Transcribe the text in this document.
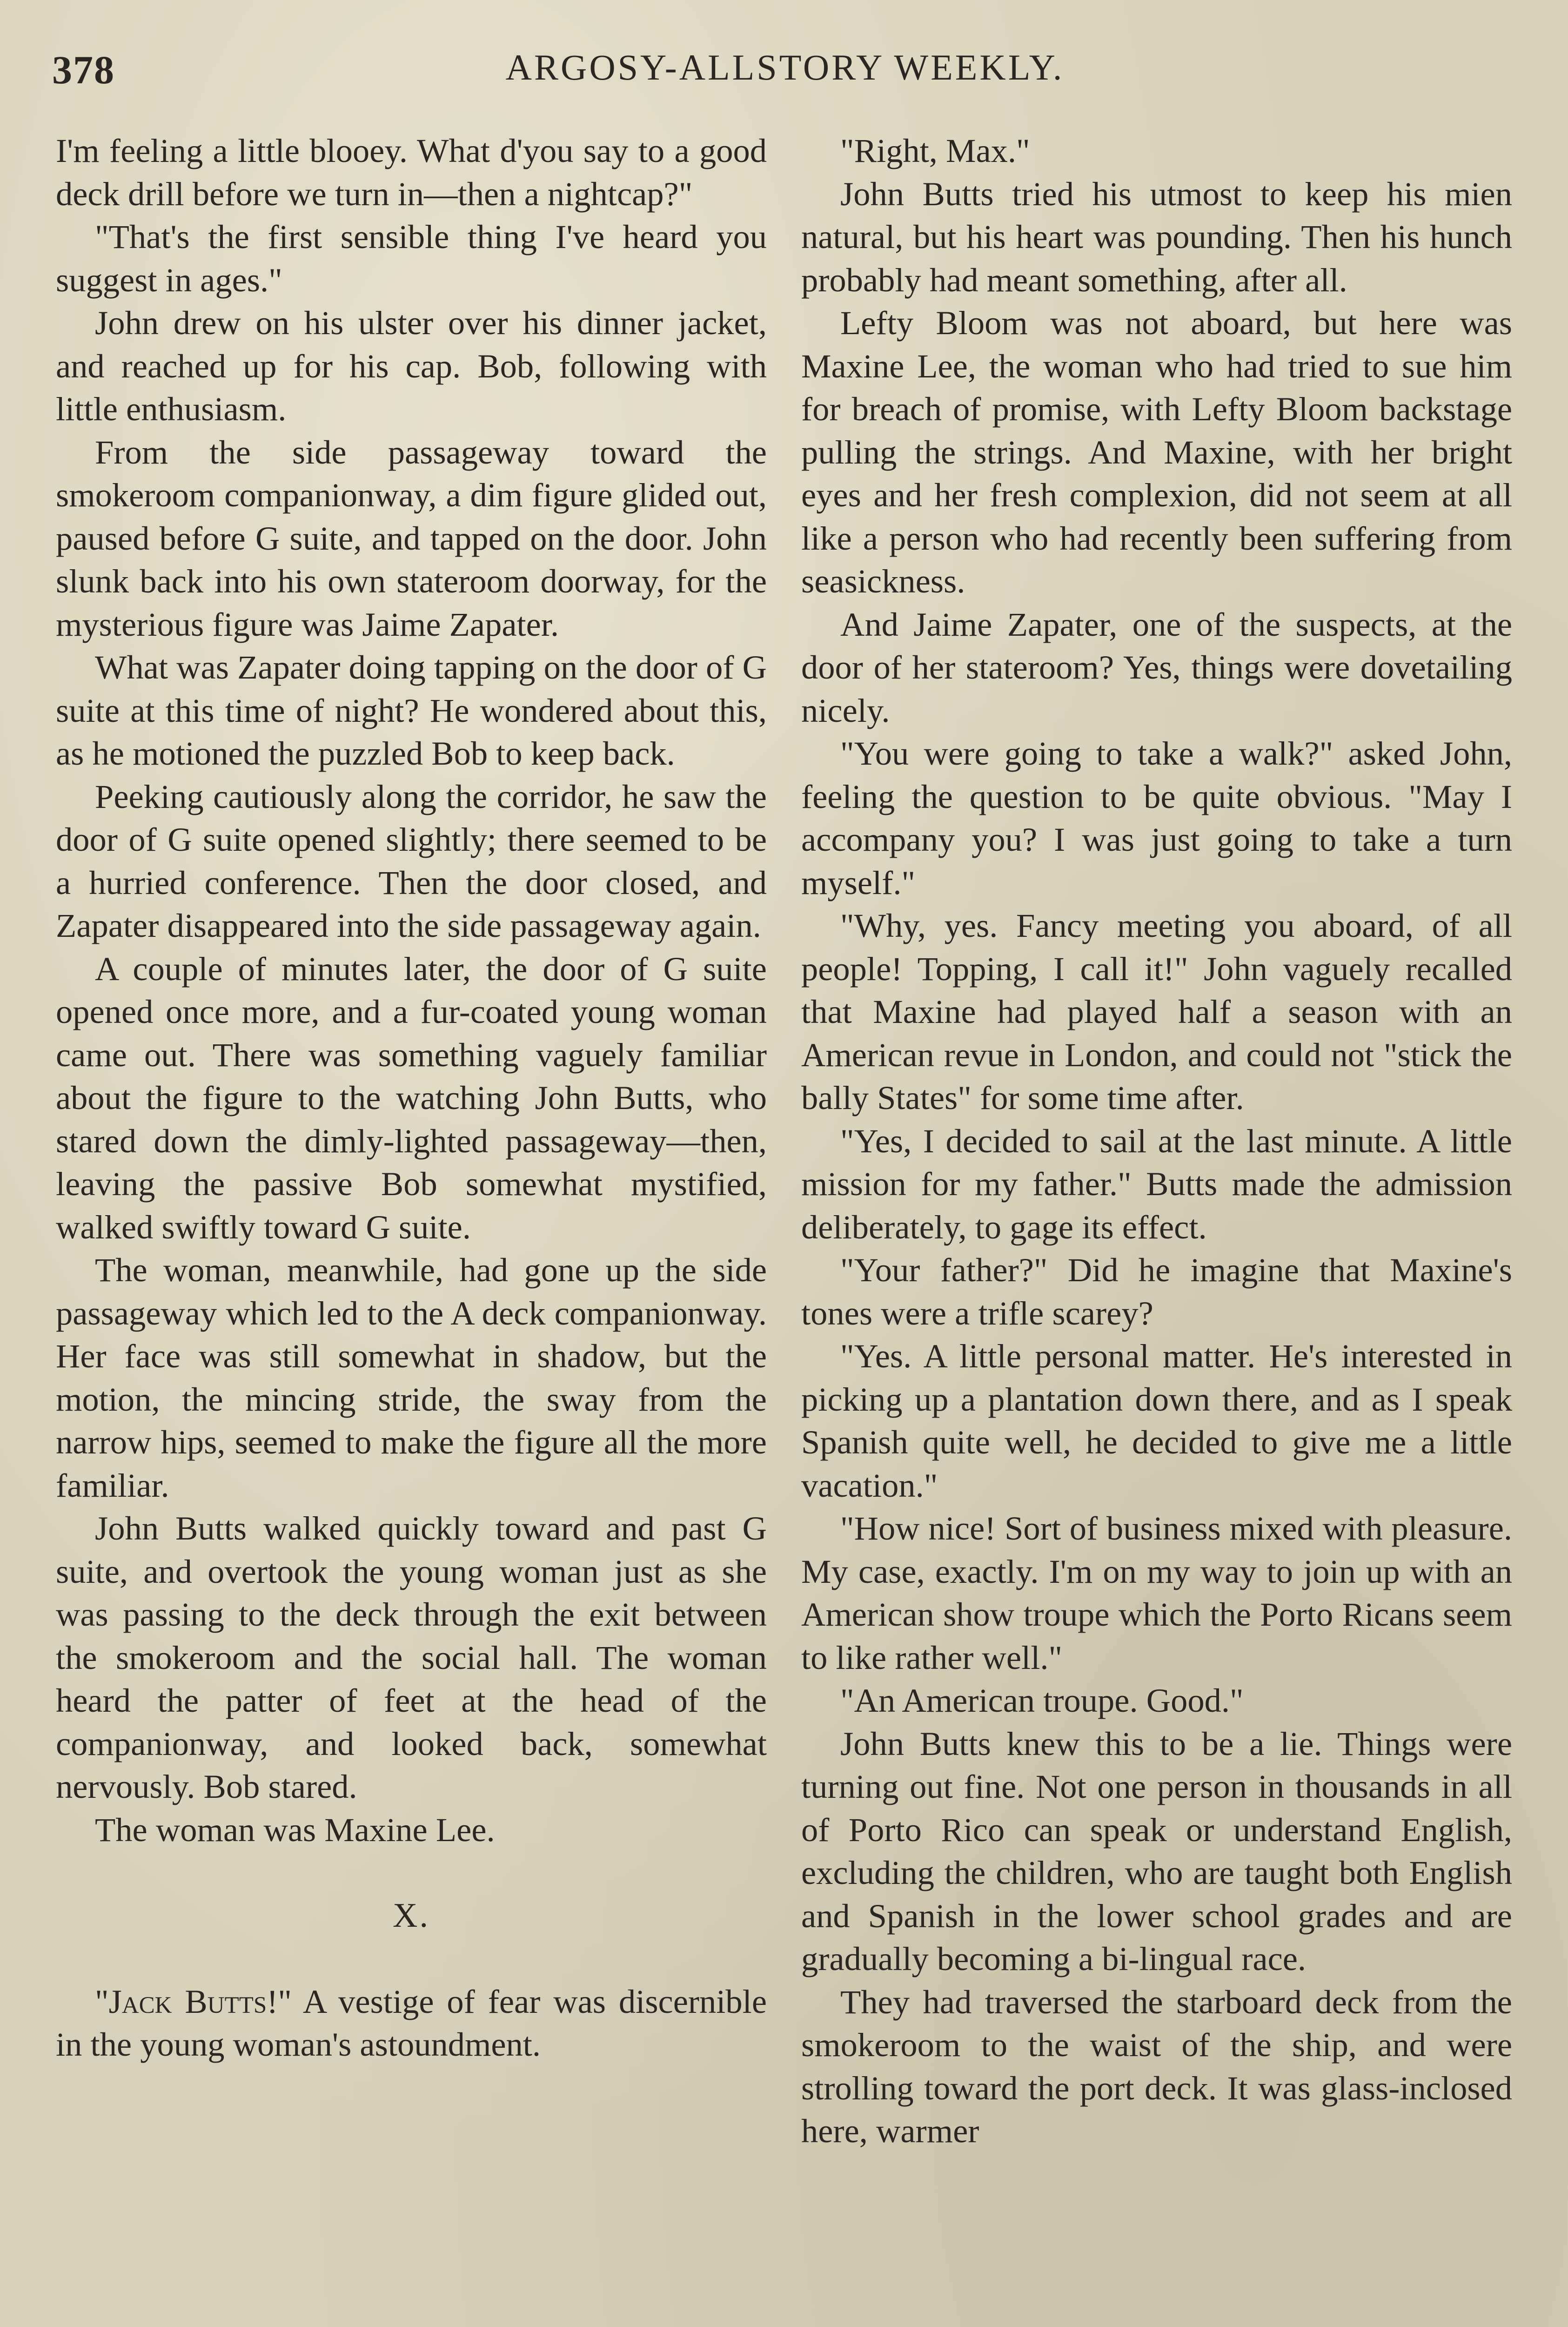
378	ARGOSY-ALLSTORY WEEKLY.

I'm feeling a little blooey. What d'you say to a good deck drill before we turn in—then a nightcap?"

"That's the first sensible thing I've heard you suggest in ages."

John drew on his ulster over his dinner jacket, and reached up for his cap. Bob, following with little enthusiasm.

From the side passageway toward the smokeroom companionway, a dim figure glided out, paused before G suite, and tapped on the door. John slunk back into his own stateroom doorway, for the mysterious figure was Jaime Zapater.

What was Zapater doing tapping on the door of G suite at this time of night? He wondered about this, as he motioned the puzzled Bob to keep back.

Peeking cautiously along the corridor, he saw the door of G suite opened slightly; there seemed to be a hurried conference. Then the door closed, and Zapater disappeared into the side passageway again.

A couple of minutes later, the door of G suite opened once more, and a fur-coated young woman came out. There was something vaguely familiar about the figure to the watching John Butts, who stared down the dimly-lighted passageway—then, leaving the passive Bob somewhat mystified, walked swiftly toward G suite.

The woman, meanwhile, had gone up the side passageway which led to the A deck companionway. Her face was still somewhat in shadow, but the motion, the mincing stride, the sway from the narrow hips, seemed to make the figure all the more familiar.

John Butts walked quickly toward and past G suite, and overtook the young woman just as she was passing to the deck through the exit between the smokeroom and the social hall. The woman heard the patter of feet at the head of the companionway, and looked back, somewhat nervously. Bob stared.

The woman was Maxine Lee.

X.

"Jack Butts!" A vestige of fear was discernible in the young woman's astoundment.

"Right, Max."

John Butts tried his utmost to keep his mien natural, but his heart was pounding. Then his hunch probably had meant something, after all.

Lefty Bloom was not aboard, but here was Maxine Lee, the woman who had tried to sue him for breach of promise, with Lefty Bloom backstage pulling the strings. And Maxine, with her bright eyes and her fresh complexion, did not seem at all like a person who had recently been suffering from seasickness.

And Jaime Zapater, one of the suspects, at the door of her stateroom? Yes, things were dovetailing nicely.

"You were going to take a walk?" asked John, feeling the question to be quite obvious. "May I accompany you? I was just going to take a turn myself."

"Why, yes. Fancy meeting you aboard, of all people! Topping, I call it!" John vaguely recalled that Maxine had played half a season with an American revue in London, and could not "stick the bally States" for some time after.

"Yes, I decided to sail at the last minute. A little mission for my father." Butts made the admission deliberately, to gage its effect.

"Your father?" Did he imagine that Maxine's tones were a trifle scarey?

"Yes. A little personal matter. He's interested in picking up a plantation down there, and as I speak Spanish quite well, he decided to give me a little vacation."

"How nice! Sort of business mixed with pleasure. My case, exactly. I'm on my way to join up with an American show troupe which the Porto Ricans seem to like rather well."

"An American troupe. Good."

John Butts knew this to be a lie. Things were turning out fine. Not one person in thousands in all of Porto Rico can speak or understand English, excluding the children, who are taught both English and Spanish in the lower school grades and are gradually becoming a bi-lingual race.

They had traversed the starboard deck from the smokeroom to the waist of the ship, and were strolling toward the port deck. It was glass-inclosed here, warmer
